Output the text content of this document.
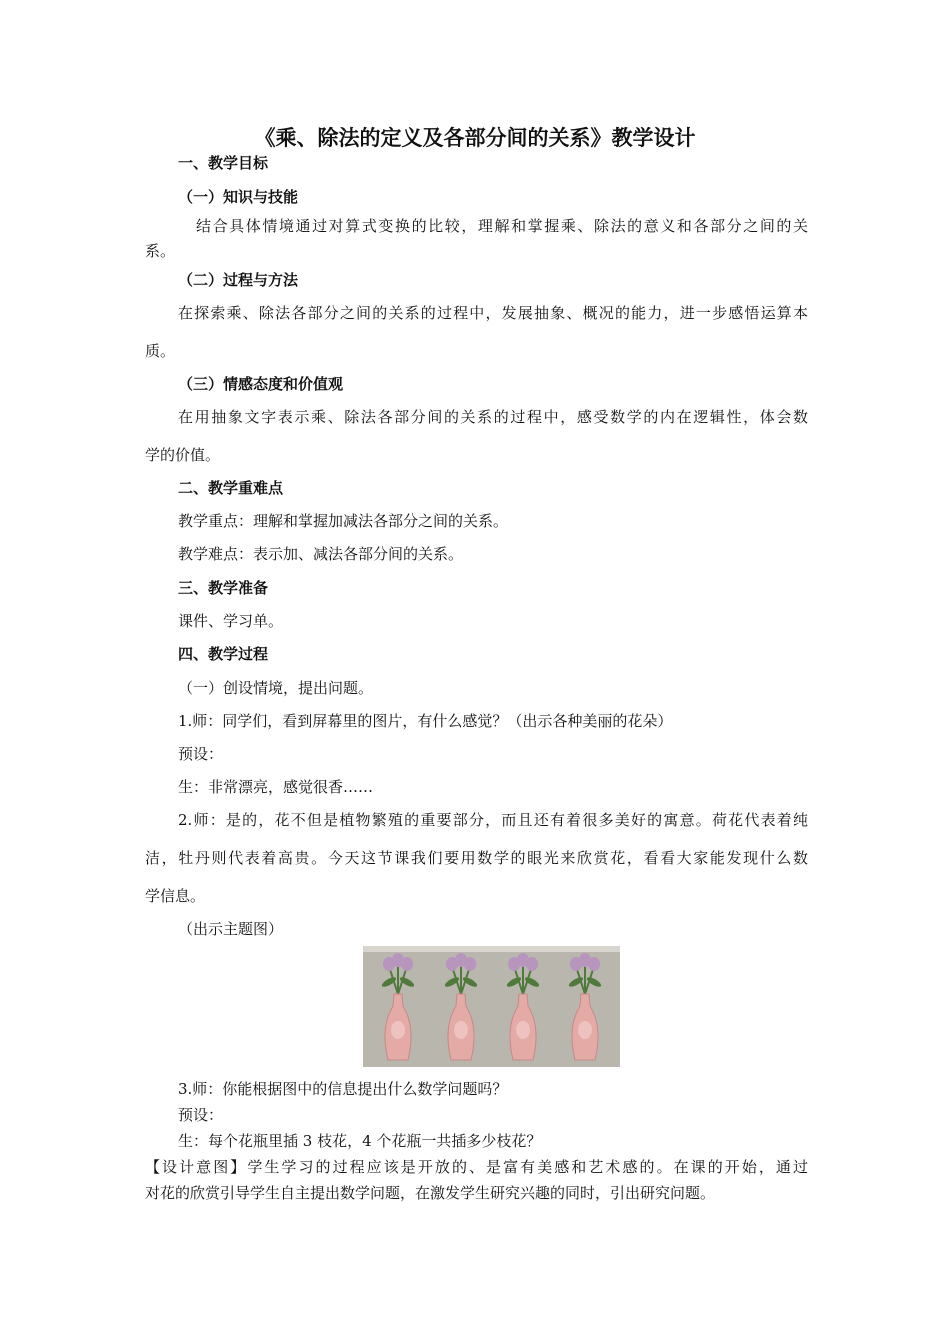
《乘、除法的定义及各部分间的关系》教学设计
一、教学目标
（一）知识与技能
结合具体情境通过对算式变换的比较，理解和掌握乘、除法的意义和各部分之间的关
系。
（二）过程与方法
在探索乘、除法各部分之间的关系的过程中，发展抽象、概况的能力，进一步感悟运算本
质。
（三）情感态度和价值观
在用抽象文字表示乘、除法各部分间的关系的过程中，感受数学的内在逻辑性，体会数
学的价值。
二、教学重难点
教学重点：理解和掌握加减法各部分之间的关系。
教学难点：表示加、减法各部分间的关系。
三、教学准备
课件、学习单。
四、教学过程
（一）创设情境，提出问题。
1.师：同学们，看到屏幕里的图片，有什么感觉？（出示各种美丽的花朵）
预设：
生：非常漂亮，感觉很香……
2.师：是的，花不但是植物繁殖的重要部分，而且还有着很多美好的寓意。荷花代表着纯
洁，牡丹则代表着高贵。今天这节课我们要用数学的眼光来欣赏花，看看大家能发现什么数
学信息。
（出示主题图）
3.师：你能根据图中的信息提出什么数学问题吗？
预设：
生：每个花瓶里插 3 枝花，4 个花瓶一共插多少枝花？
【设计意图】学生学习的过程应该是开放的、是富有美感和艺术感的。在课的开始，通过
对花的欣赏引导学生自主提出数学问题，在激发学生研究兴趣的同时，引出研究问题。
